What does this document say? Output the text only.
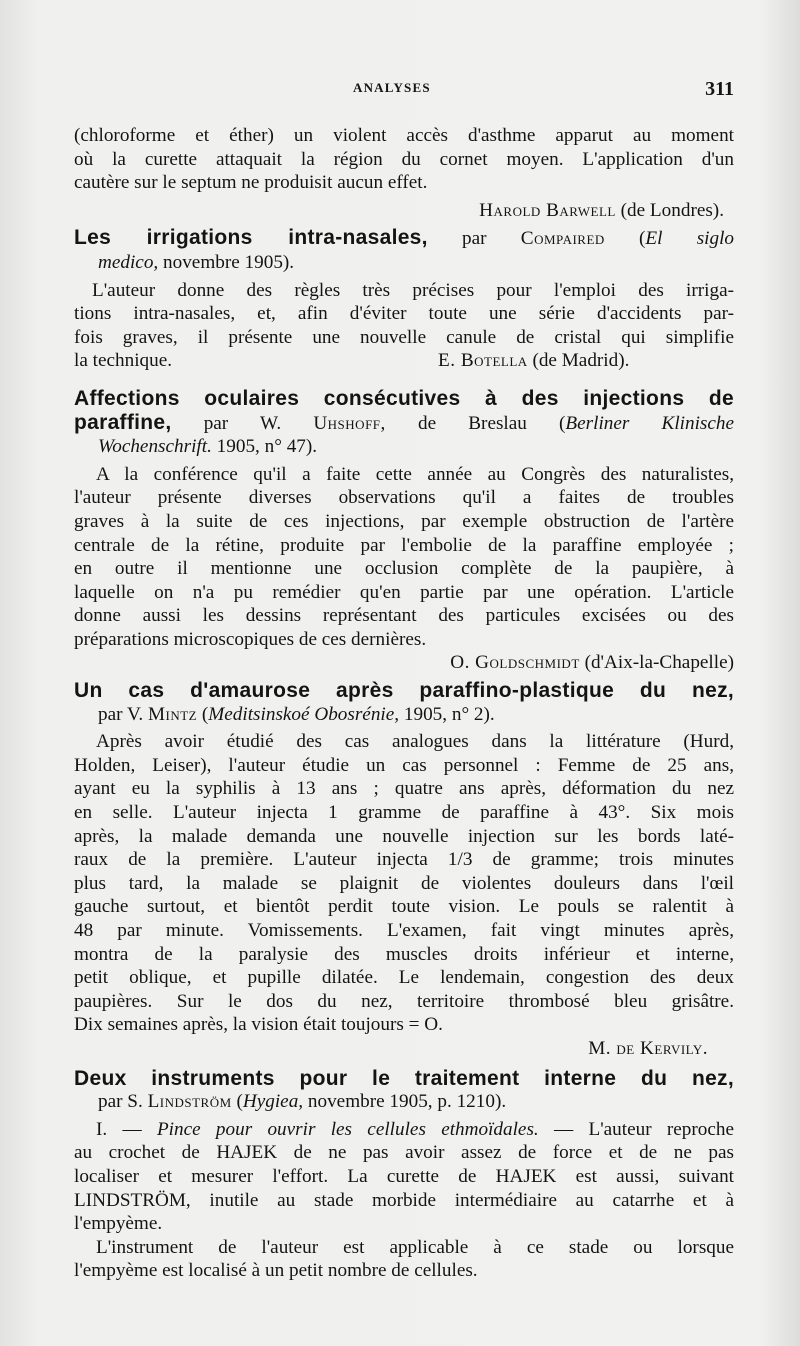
ANALYSES	311
(chloroforme et éther) un violent accès d'asthme apparut au moment
où la curette attaquait la région du cornet moyen. L'application d'un
cautère sur le septum ne produisit aucun effet.
Harold Barwell (de Londres).
Les irrigations intra-nasales, par Compaired (El siglo
medico, novembre 1905).
L'auteur donne des règles très précises pour l'emploi des irriga-
tions intra-nasales, et, afin d'éviter toute une série d'accidents par-
fois graves, il présente une nouvelle canule de cristal qui simplifie
la technique.	E. Botella (de Madrid).
Affections oculaires consécutives à des injections de
paraffine, par W. Uhshoff, de Breslau (Berliner Klinische
Wochenschrift. 1905, n° 47).
A la conférence qu'il a faite cette année au Congrès des naturalistes,
l'auteur présente diverses observations qu'il a faites de troubles
graves à la suite de ces injections, par exemple obstruction de l'artère
centrale de la rétine, produite par l'embolie de la paraffine employée ;
en outre il mentionne une occlusion complète de la paupière, à
laquelle on n'a pu remédier qu'en partie par une opération. L'article
donne aussi les dessins représentant des particules excisées ou des
préparations microscopiques de ces dernières.
O. Goldschmidt (d'Aix-la-Chapelle)
Un cas d'amaurose après paraffino-plastique du nez,
par V. Mintz (Meditsinskoé Obosrénie, 1905, n° 2).
Après avoir étudié des cas analogues dans la littérature (Hurd,
Holden, Leiser), l'auteur étudie un cas personnel : Femme de 25 ans,
ayant eu la syphilis à 13 ans ; quatre ans après, déformation du nez
en selle. L'auteur injecta 1 gramme de paraffine à 43°. Six mois
après, la malade demanda une nouvelle injection sur les bords laté-
raux de la première. L'auteur injecta 1/3 de gramme; trois minutes
plus tard, la malade se plaignit de violentes douleurs dans l'œil
gauche surtout, et bientôt perdit toute vision. Le pouls se ralentit à
48 par minute. Vomissements. L'examen, fait vingt minutes après,
montra de la paralysie des muscles droits inférieur et interne,
petit oblique, et pupille dilatée. Le lendemain, congestion des deux
paupières. Sur le dos du nez, territoire thrombosé bleu grisâtre.
Dix semaines après, la vision était toujours = O.
M. de Kervily.
Deux instruments pour le traitement interne du nez,
par S. Lindström (Hygiea, novembre 1905, p. 1210).
I. — Pince pour ouvrir les cellules ethmoïdales. — L'auteur reproche
au crochet de HAJEK de ne pas avoir assez de force et de ne pas
localiser et mesurer l'effort. La curette de HAJEK est aussi, suivant
LINDSTRÖM, inutile au stade morbide intermédiaire au catarrhe et à
l'empyème.
L'instrument de l'auteur est applicable à ce stade ou lorsque
l'empyème est localisé à un petit nombre de cellules.
